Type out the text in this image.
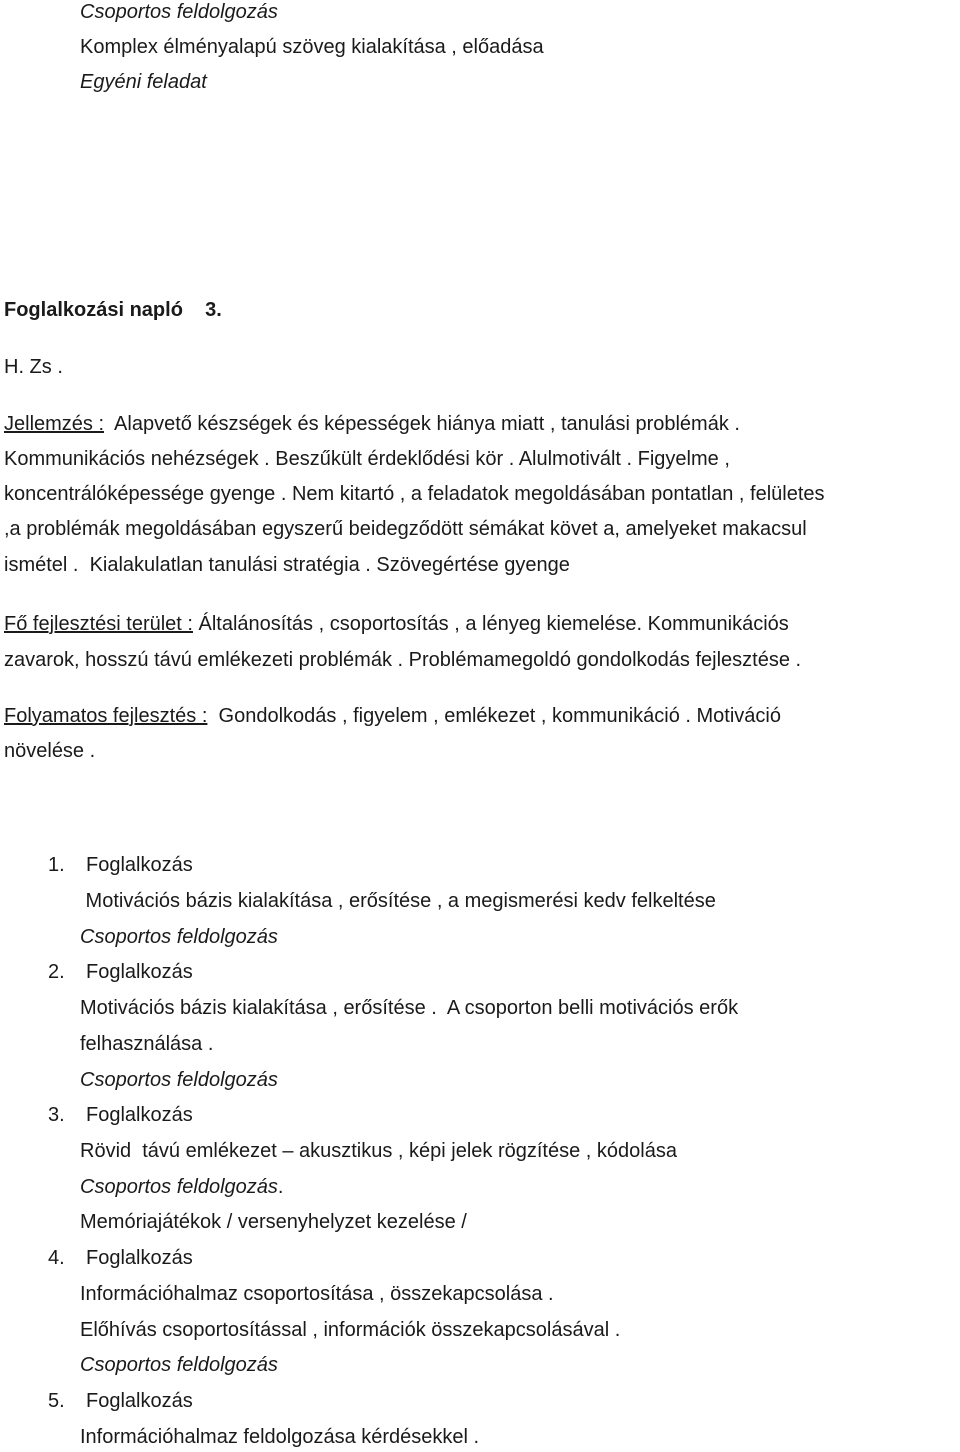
Csoportos feldolgozás
Komplex élményalapú szöveg kialakítása , előadása
Egyéni feladat
Foglalkozási napló    3.
H. Zs .
Jellemzés :  Alapvető készségek és képességek hiánya miatt , tanulási problémák .
Kommunikációs nehézségek . Beszűkült érdeklődési kör . Alulmotivált . Figyelme ,
koncentrálóképessége gyenge . Nem kitartó , a feladatok megoldásában pontatlan , felületes
,a problémák megoldásában egyszerű beidegződött sémákat követ a, amelyeket makacsul
ismétel .  Kialakulatlan tanulási stratégia . Szövegértése gyenge
Fő fejlesztési terület : Általánosítás , csoportosítás , a lényeg kiemelése. Kommunikációs
zavarok, hosszú távú emlékezeti problémák . Problémamegoldó gondolkodás fejlesztése .
Folyamatos fejlesztés :  Gondolkodás , figyelem , emlékezet , kommunikáció . Motiváció
növelése .
1. Foglalkozás
Motivációs bázis kialakítása , erősítése , a megismerési kedv felkeltése
Csoportos feldolgozás
2. Foglalkozás
Motivációs bázis kialakítása , erősítése .  A csoporton belli motivációs erők
felhasználása .
Csoportos feldolgozás
3. Foglalkozás
Rövid  távú emlékezet – akusztikus , képi jelek rögzítése , kódolása
Csoportos feldolgozás.
Memóriajátékok / versenyhelyzet kezelése /
4. Foglalkozás
Információhalmaz csoportosítása , összekapcsolása .
Előhívás csoportosítással , információk összekapcsolásával .
Csoportos feldolgozás
5. Foglalkozás
Információhalmaz feldolgozása kérdésekkel .
